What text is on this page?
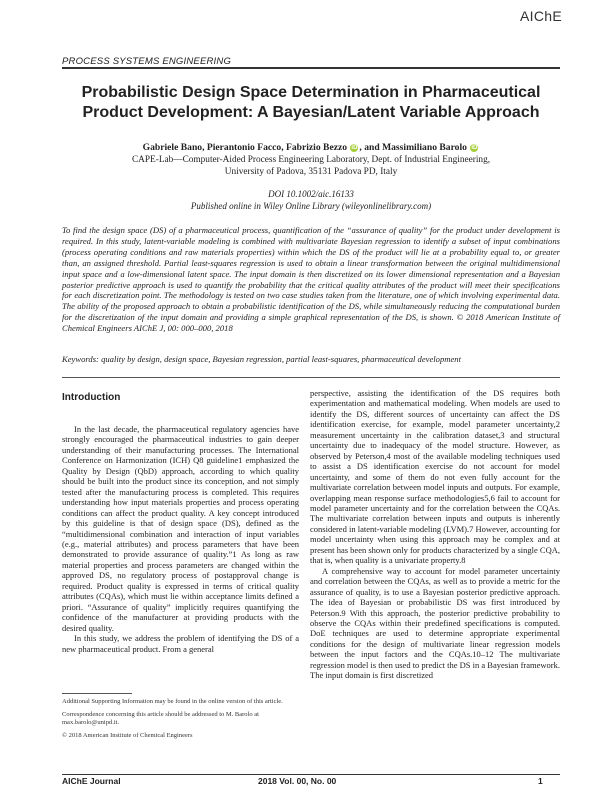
AIChE
PROCESS SYSTEMS ENGINEERING
Probabilistic Design Space Determination in Pharmaceutical
Product Development: A Bayesian/Latent Variable Approach

Gabriele Bano, Pierantonio Facco, Fabrizio Bezzo iD , and Massimiliano Barolo iD

CAPE-Lab—Computer-Aided Process Engineering Laboratory, Dept. of Industrial Engineering,
University of Padova, 35131 Padova PD, Italy

DOI 10.1002/aic.16133
Published online in Wiley Online Library (wileyonlinelibrary.com)

To find the design space (DS) of a pharmaceutical process, quantification of the “assurance of quality” for the product under development is required. In this study, latent-variable modeling is combined with multivariate Bayesian regression to identify a subset of input combinations (process operating conditions and raw materials properties) within which the DS of the product will lie at a probability equal to, or greater than, an assigned threshold. Partial least-squares regression is used to obtain a linear transformation between the original multidimensional input space and a low-dimensional latent space. The input domain is then discretized on its lower dimensional representation and a Bayesian posterior predictive approach is used to quantify the probability that the critical quality attributes of the product will meet their specifications for each discretization point. The methodology is tested on two case studies taken from the literature, one of which involving experimental data. The ability of the proposed approach to obtain a probabilistic identification of the DS, while simultaneously reducing the computational burden for the discretization of the input domain and providing a simple graphical representation of the DS, is shown. © 2018 American Institute of Chemical Engineers AIChE J, 00: 000–000, 2018

Keywords: quality by design, design space, Bayesian regression, partial least-squares, pharmaceutical development

Introduction

In the last decade, the pharmaceutical regulatory agencies have strongly encouraged the pharmaceutical industries to gain deeper understanding of their manufacturing processes. The International Conference on Harmonization (ICH) Q8 guideline1 emphasized the Quality by Design (QbD) approach, according to which quality should be built into the product since its conception, and not simply tested after the manufacturing process is completed. This requires understanding how input materials properties and process operating conditions can affect the product quality. A key concept introduced by this guideline is that of design space (DS), defined as the “multidimensional combination and interaction of input variables (e.g., material attributes) and process parameters that have been demonstrated to provide assurance of quality.”1 As long as raw material properties and process parameters are changed within the approved DS, no regulatory process of postapproval change is required. Product quality is expressed in terms of critical quality attributes (CQAs), which must lie within acceptance limits defined a priori. “Assurance of quality” implicitly requires quantifying the confidence of the manufacturer at providing products with the desired quality.

In this study, we address the problem of identifying the DS of a new pharmaceutical product. From a general

perspective, assisting the identification of the DS requires both experimentation and mathematical modeling. When models are used to identify the DS, different sources of uncertainty can affect the DS identification exercise, for example, model parameter uncertainty,2 measurement uncertainty in the calibration dataset,3 and structural uncertainty due to inadequacy of the model structure. However, as observed by Peterson,4 most of the available modeling techniques used to assist a DS identification exercise do not account for model uncertainty, and some of them do not even fully account for the multivariate correlation between model inputs and outputs. For example, overlapping mean response surface methodologies5,6 fail to account for model parameter uncertainty and for the correlation between the CQAs. The multivariate correlation between inputs and outputs is inherently considered in latent-variable modeling (LVM).7 However, accounting for model uncertainty when using this approach may be complex and at present has been shown only for products characterized by a single CQA, that is, when quality is a univariate property.8

A comprehensive way to account for model parameter uncertainty and correlation between the CQAs, as well as to provide a metric for the assurance of quality, is to use a Bayesian posterior predictive approach. The idea of Bayesian or probabilistic DS was first introduced by Peterson.9 With this approach, the posterior predictive probability to observe the CQAs within their predefined specifications is computed. DoE techniques are used to determine appropriate experimental conditions for the design of multivariate linear regression models between the input factors and the CQAs.10–12 The multivariate regression model is then used to predict the DS in a Bayesian framework. The input domain is first discretized

Additional Supporting Information may be found in the online version of this article.

Correspondence concerning this article should be addressed to M. Barolo at max.barolo@unipd.it.

© 2018 American Institute of Chemical Engineers

AIChE Journal	2018 Vol. 00, No. 00	1
